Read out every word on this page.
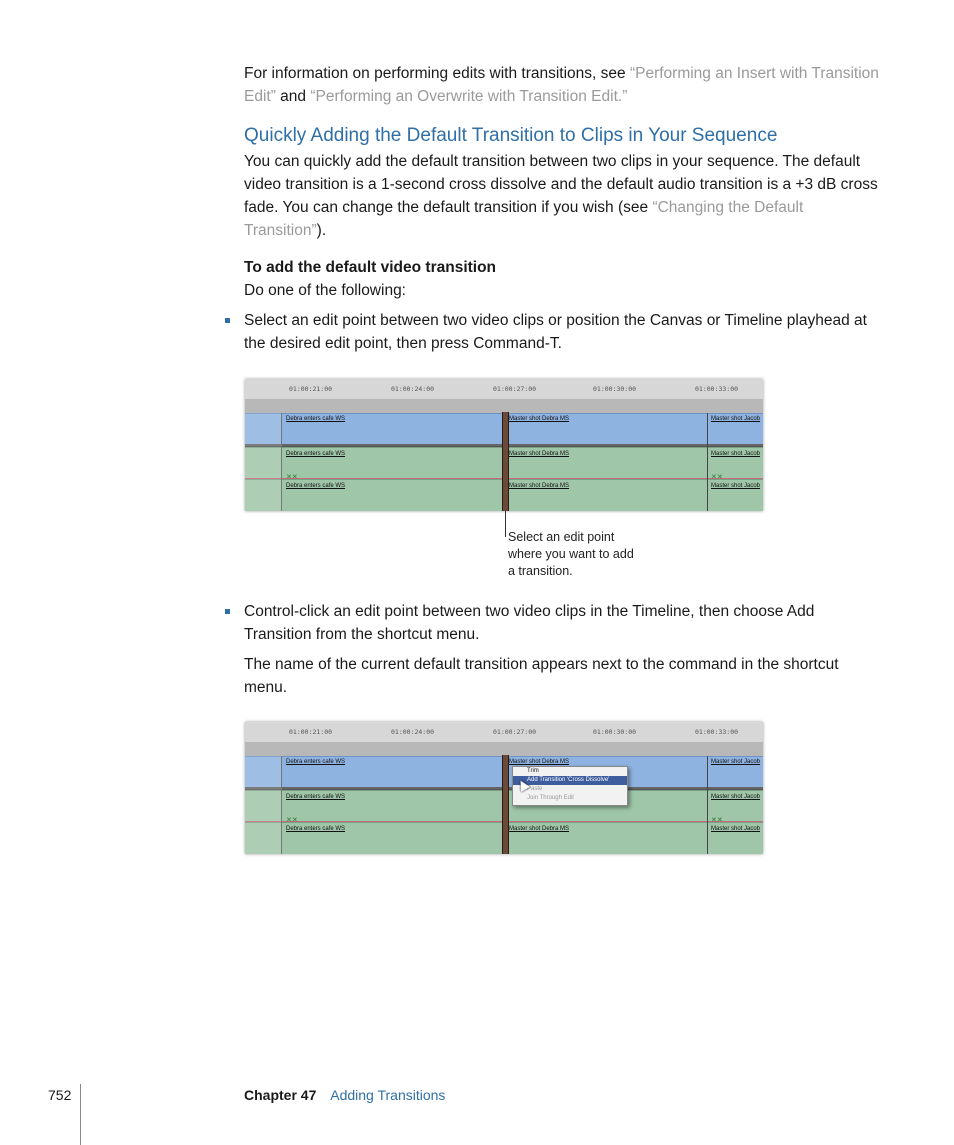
For information on performing edits with transitions, see “Performing an Insert with Transition Edit” and “Performing an Overwrite with Transition Edit.”
Quickly Adding the Default Transition to Clips in Your Sequence
You can quickly add the default transition between two clips in your sequence. The default video transition is a 1-second cross dissolve and the default audio transition is a +3 dB cross fade. You can change the default transition if you wish (see “Changing the Default Transition”).
To add the default video transition
Do one of the following:
Select an edit point between two video clips or position the Canvas or Timeline playhead at the desired edit point, then press Command-T.
01:00:21:00	01:00:24:00	01:00:27:00	01:00:30:00	01:00:33:00
Debra enters cafe WS	Master shot Debra MS	Master shot Jacob
Debra enters cafe WS	Master shot Debra MS	Master shot Jacob
✕✕	✕✕
Debra enters cafe WS	Master shot Debra MS	Master shot Jacob
Select an edit point
where you want to add
a transition.
Control-click an edit point between two video clips in the Timeline, then choose Add Transition from the shortcut menu.
The name of the current default transition appears next to the command in the shortcut menu.
01:00:21:00	01:00:24:00	01:00:27:00	01:00:30:00	01:00:33:00
Debra enters cafe WS	Master shot Debra MS	Master shot Jacob
Debra enters cafe WS	Master shot Jacob
✕✕	✕✕
Debra enters cafe WS	Master shot Debra MS	Master shot Jacob
Trim
Add Transition 'Cross Dissolve'
Paste
Join Through Edit
752	Chapter 47 Adding Transitions
